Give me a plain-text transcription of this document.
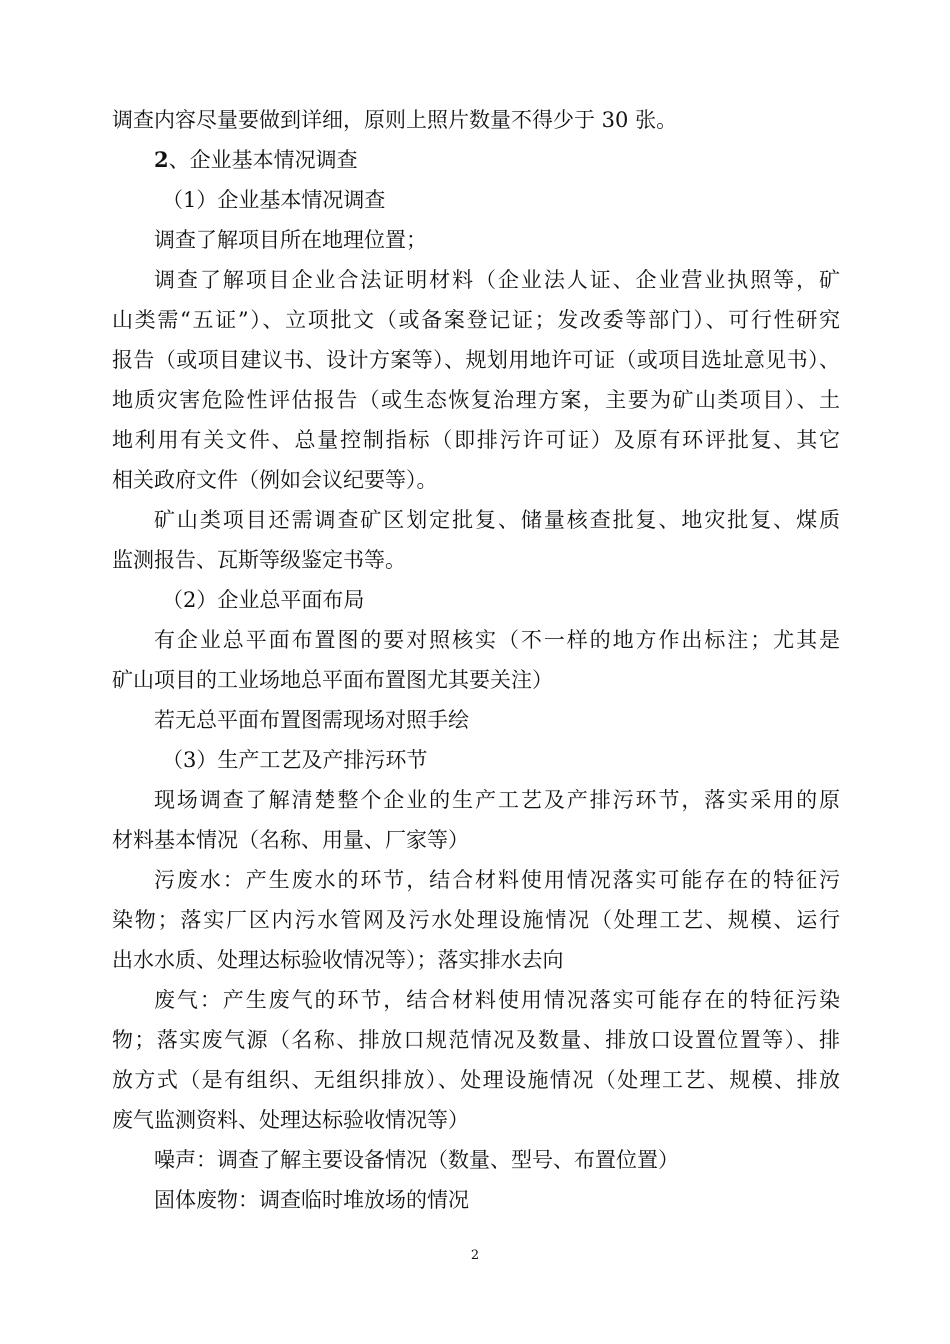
调查内容尽量要做到详细，原则上照片数量不得少于 30 张。
2、企业基本情况调查
（1）企业基本情况调查
调查了解项目所在地理位置；
调查了解项目企业合法证明材料（企业法人证、企业营业执照等，矿
山类需“五证”）、立项批文（或备案登记证；发改委等部门）、可行性研究
报告（或项目建议书、设计方案等）、规划用地许可证（或项目选址意见书）、
地质灾害危险性评估报告（或生态恢复治理方案，主要为矿山类项目）、土
地利用有关文件、总量控制指标（即排污许可证）及原有环评批复、其它
相关政府文件（例如会议纪要等）。
矿山类项目还需调查矿区划定批复、储量核查批复、地灾批复、煤质
监测报告、瓦斯等级鉴定书等。
（2）企业总平面布局
有企业总平面布置图的要对照核实（不一样的地方作出标注；尤其是
矿山项目的工业场地总平面布置图尤其要关注）
若无总平面布置图需现场对照手绘
（3）生产工艺及产排污环节
现场调查了解清楚整个企业的生产工艺及产排污环节，落实采用的原
材料基本情况（名称、用量、厂家等）
污废水：产生废水的环节，结合材料使用情况落实可能存在的特征污
染物；落实厂区内污水管网及污水处理设施情况（处理工艺、规模、运行
出水水质、处理达标验收情况等）；落实排水去向
废气：产生废气的环节，结合材料使用情况落实可能存在的特征污染
物；落实废气源（名称、排放口规范情况及数量、排放口设置位置等）、排
放方式（是有组织、无组织排放）、处理设施情况（处理工艺、规模、排放
废气监测资料、处理达标验收情况等）
噪声：调查了解主要设备情况（数量、型号、布置位置）
固体废物：调查临时堆放场的情况
2
